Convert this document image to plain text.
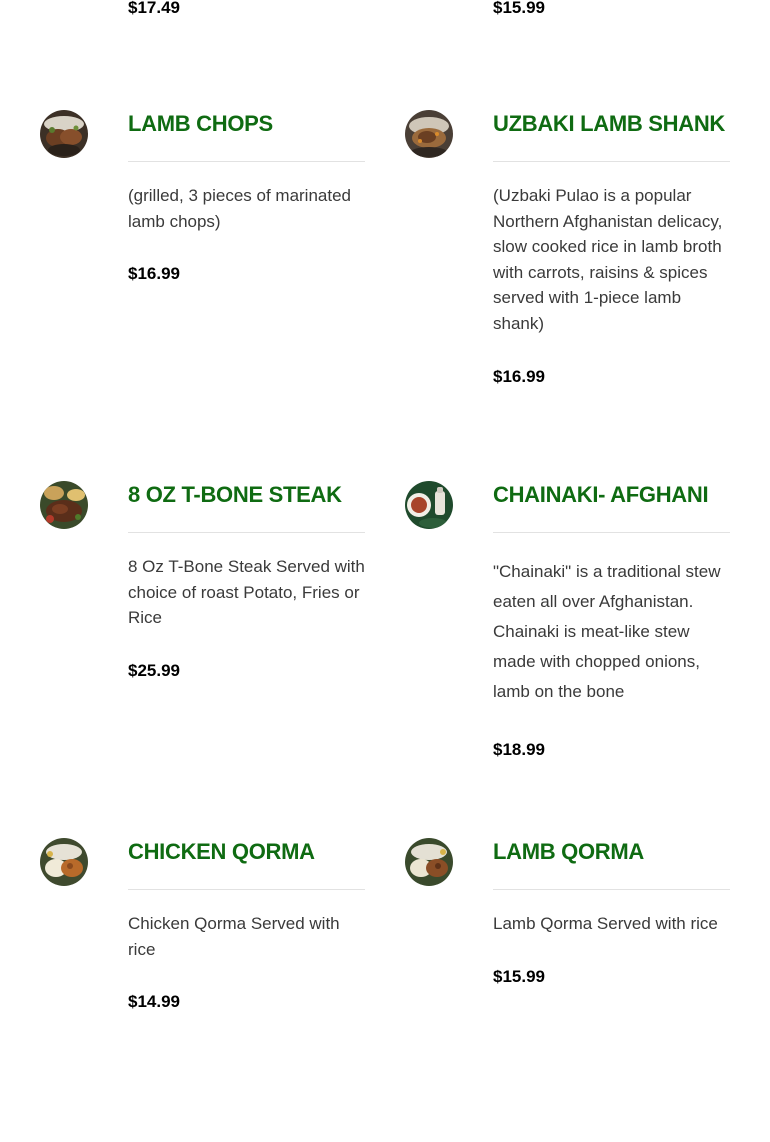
$17.49	$15.99
LAMB CHOPS
(grilled, 3 pieces of marinated lamb chops)
$16.99
UZBAKI LAMB SHANK
(Uzbaki Pulao is a popular Northern Afghanistan delicacy, slow cooked rice in lamb broth with carrots, raisins & spices served with 1-piece lamb shank)
$16.99
8 OZ T-BONE STEAK
8 Oz T-Bone Steak Served with choice of roast Potato, Fries or Rice
$25.99
CHAINAKI- AFGHANI
"Chainaki" is a traditional stew eaten all over Afghanistan. Chainaki is meat-like stew made with chopped onions, lamb on the bone
$18.99
CHICKEN QORMA
Chicken Qorma Served with rice
$14.99
LAMB QORMA
Lamb Qorma Served with rice
$15.99
